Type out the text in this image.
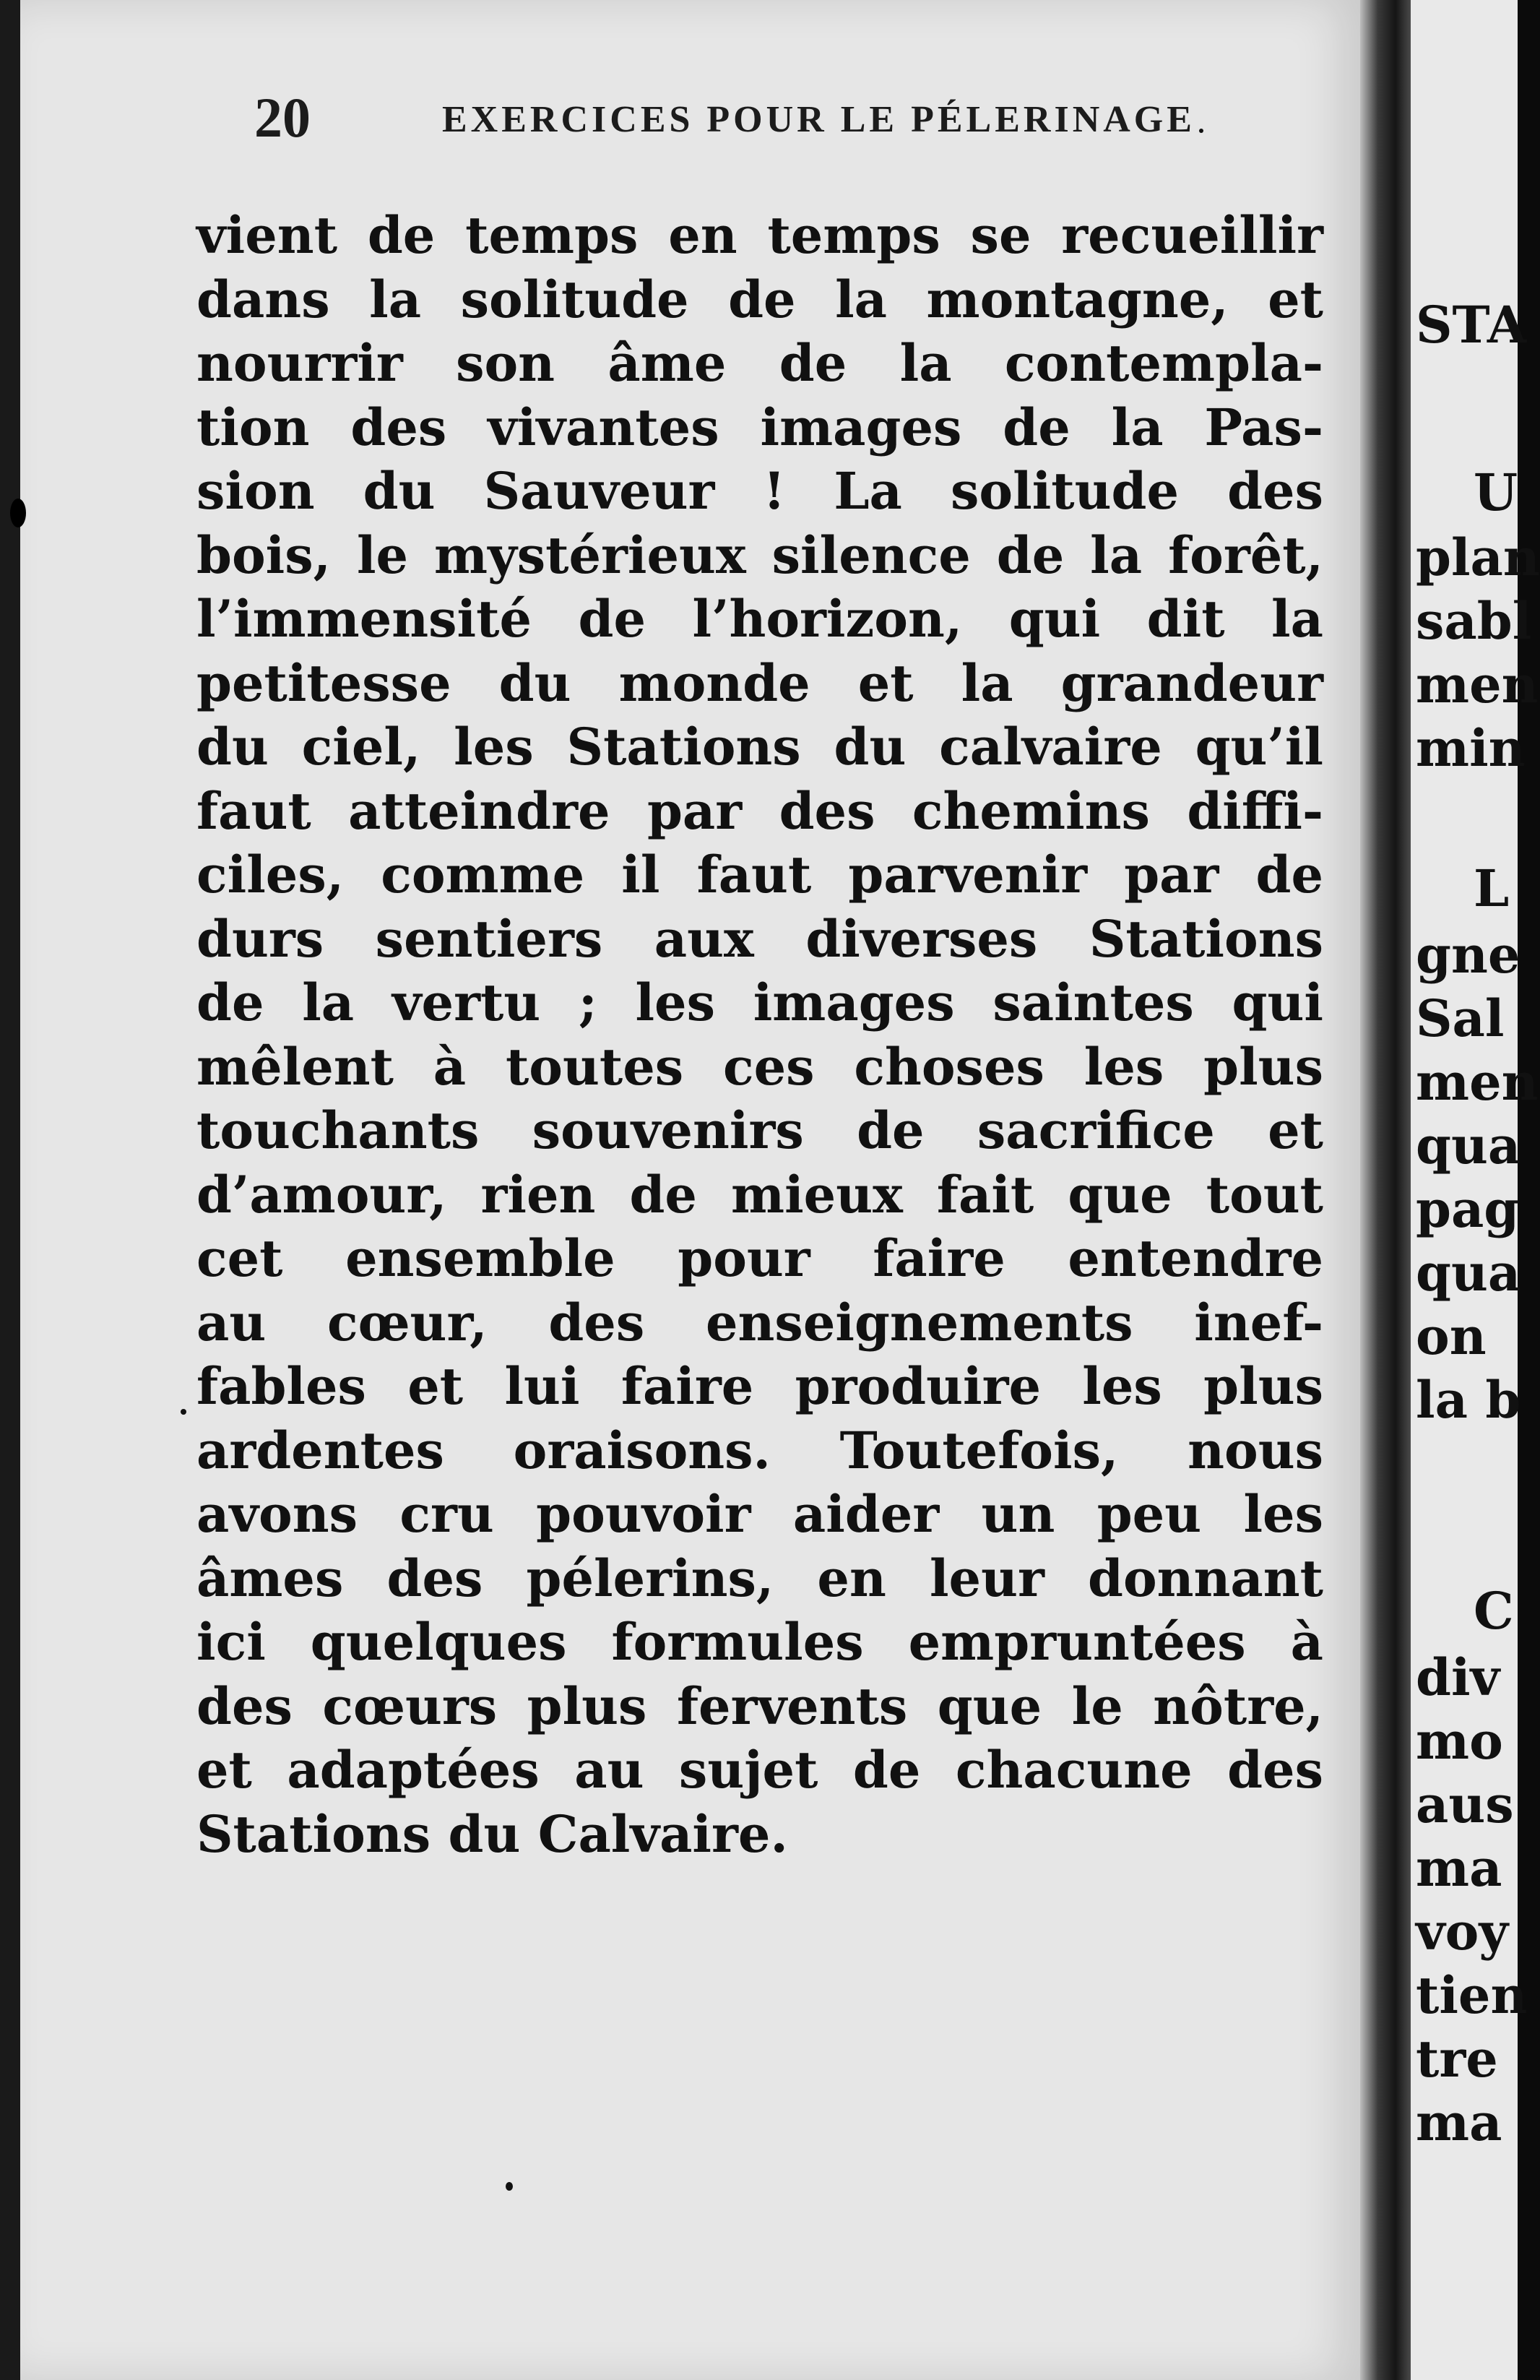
20	EXERCICES POUR LE PÉLERINAGE
vient de temps en temps se recueillir
dans la solitude de la montagne, et
nourrir son âme de la contempla-
tion des vivantes images de la Pas-
sion du Sauveur ! La solitude des
bois, le mystérieux silence de la forêt,
l’immensité de l’horizon, qui dit la
petitesse du monde et la grandeur
du ciel, les Stations du calvaire qu’il
faut atteindre par des chemins diffi-
ciles, comme il faut parvenir par de
durs sentiers aux diverses Stations
de la vertu ; les images saintes qui
mêlent à toutes ces choses les plus
touchants souvenirs de sacrifice et
d’amour, rien de mieux fait que tout
cet ensemble pour faire entendre
au cœur, des enseignements inef-
fables et lui faire produire les plus
ardentes oraisons. Toutefois, nous
avons cru pouvoir aider un peu les
âmes des pélerins, en leur donnant
ici quelques formules empruntées à
des cœurs plus fervents que le nôtre,
et adaptées au sujet de chacune des
Stations du Calvaire.
STA
U
plan
sabl
men
min
L
gne
Sal
men
qua
pag
qua
on
la b
C
div
mo
aus
ma
voy
tien
tre
ma
